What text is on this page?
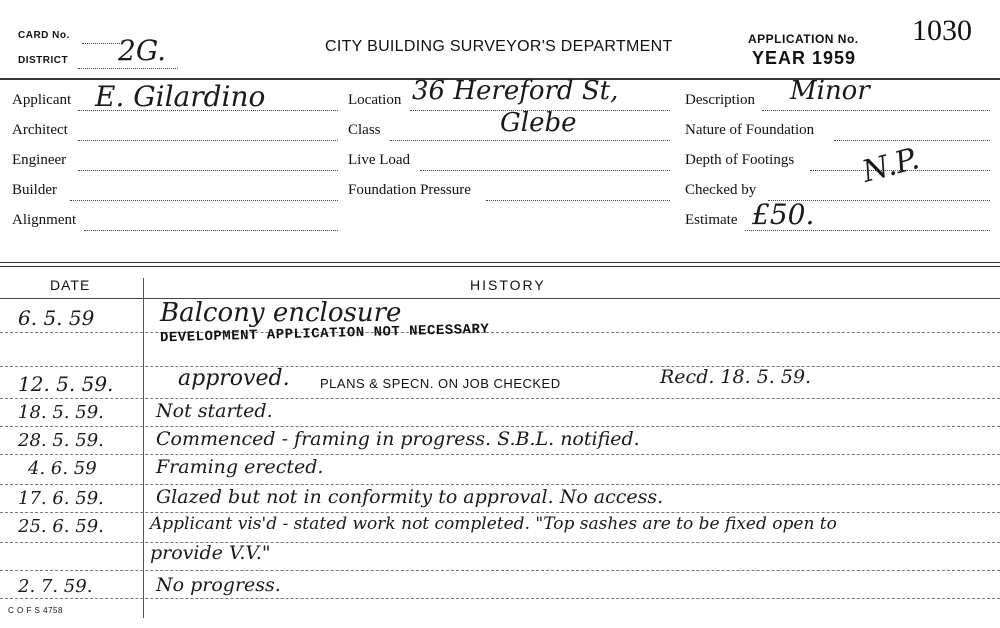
CARD No.
DISTRICT 2G.	CITY BUILDING SURVEYOR'S DEPARTMENT	APPLICATION No. 1030
YEAR 1959
Applicant E. Gilardino
Architect
Engineer
Builder
Alignment
Location 36 Hereford St,
Class	Glebe
Live Load
Foundation Pressure
Description Minor
Nature of Foundation
Depth of Footings N.P.
Checked by
Estimate £50.
DATE	HISTORY
6. 5. 59	Balcony enclosure
DEVELOPMENT APPLICATION NOT NECESSARY
12. 5. 59.	approved. PLANS & SPECN. ON JOB CHECKED	Recd. 18. 5. 59.
18. 5. 59.	Not started.
28. 5. 59.	Commenced - framing in progress. S.B.L. notified.
4. 6. 59	Framing erected.
17. 6. 59.	Glazed but not in conformity to approval. No access.
25. 6. 59.	Applicant vis'd - stated work not completed. "Top sashes are to be fixed open to
provide V.V."
2. 7. 59.	No progress.
C O F S 4758
